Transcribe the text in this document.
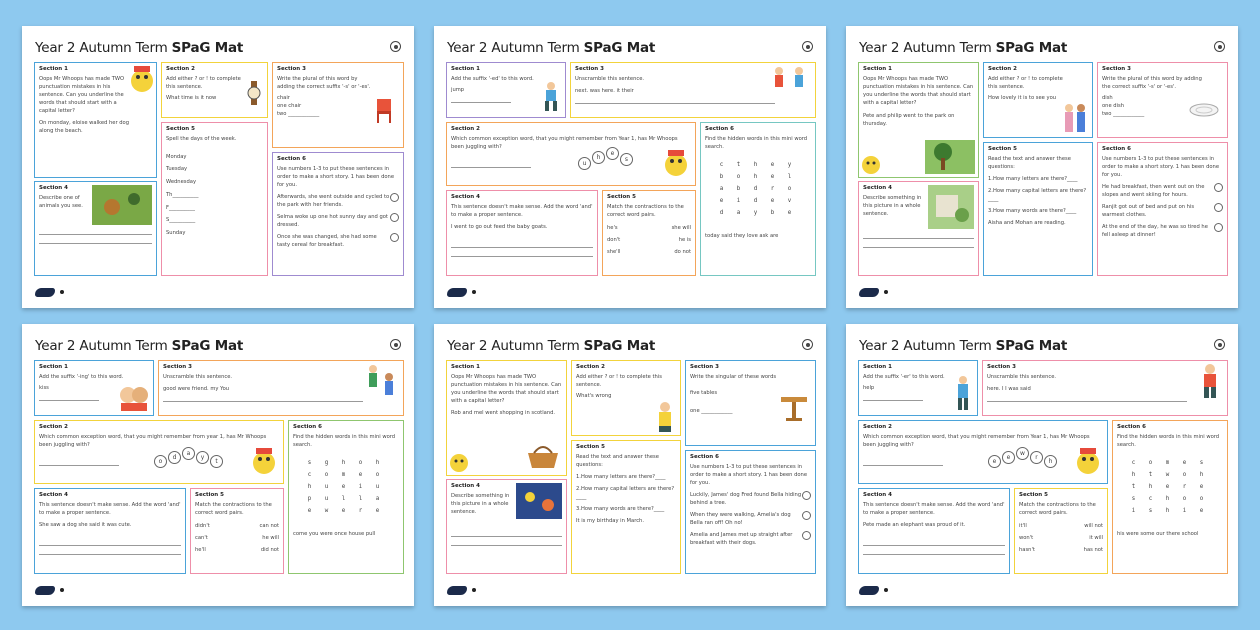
Year 2 Autumn Term SPaG Mat
Section 1
Oops Mr Whoops has made TWO punctuation mistakes in his sentence. Can you underline the words that should start with a capital letter?
On monday, eloise walked her dog along the beach.
Section 2
Add either ? or ! to complete this sentence.
What time is it now
Section 3
Write the plural of this word by adding the correct suffix '-s' or '-es'.
chair
one chair
two ____________
Section 4
Describe one of animals you see.
Section 5
Spell the days of the week.
Monday
Tuesday
Wednesday
Th__________
F__________
S__________
Sunday
Section 6
Use numbers 1-3 to put these sentences in order to make a short story. 1 has been done for you.
Afterwards, she went outside and cycled to the park with her friends.
Selma woke up one hot sunny day and got dressed.
Once she was changed, she had some tasty cereal for breakfast.
Year 2 Autumn Term SPaG Mat
Section 1
Add the suffix '-ed' to this word.
jump
Section 3
Unscramble this sentence.
next. was here. it their
Section 2
Which common exception word, that you might remember from Year 1, has Mr Whoops been juggling with?
uhes
Section 6
Find the hidden words in this mini word search.
c t h e y
b o h e l
a b d r o
e i d e v
d a y b e
today said they love ask are
Section 4
This sentence doesn't make sense. Add the word 'and' to make a proper sentence.
I went to go out feed the baby goats.
Section 5
Match the contractions to the correct word pairs.
he's	she will
don't	he is
she'll	do not
Year 2 Autumn Term SPaG Mat
Section 1
Oops Mr Whoops has made TWO punctuation mistakes in his sentence. Can you underline the words that should start with a capital letter?
Pete and philip went to the park on thursday.
Section 2
Add either ? or ! to complete this sentence.
How lovely it is to see you
Section 3
Write the plural of this word by adding the correct suffix '-s' or '-es'.
dish
one dish
two ____________
Section 4
Describe something in this picture in a whole sentence.
Section 5
Read the text and answer these questions:
1.How many letters are there?____
2.How many capital letters are there?____
3.How many words are there?____
Aisha and Mohan are reading.
Section 6
Use numbers 1-3 to put these sentences in order to make a short story. 1 has been done for you.
He had breakfast, then went out on the slopes and went skiing for hours.
Ranjit got out of bed and put on his warmest clothes.
At the end of the day, he was so tired he fell asleep at dinner!
Year 2 Autumn Term SPaG Mat
Section 1
Add the suffix '-ing' to this word.
kiss
Section 3
Unscramble this sentence.
good were friend. my You
Section 2
Which common exception word, that you might remember from year 1, has Mr Whoops been juggling with?
odayt
Section 6
Find the hidden words in this mini word search.
s g h o h
c o m e o
h u e i u
p u l l a
e w e r e
come you were once house pull
Section 4
This sentence doesn't make sense. Add the word 'and' to make a proper sentence.
She saw a dog she said it was cute.
Section 5
Match the contractions to the correct word pairs.
didn't	can not
can't	he will
he'll	did not
Year 2 Autumn Term SPaG Mat
Section 1
Oops Mr Whoops has made TWO punctuation mistakes in his sentence. Can you underline the words that should start with a capital letter?
Rob and mel went shopping in scotland.
Section 2
Add either ? or ! to complete this sentence.
What's wrong
Section 3
Write the singular of these words
five tables
one ____________
Section 4
Describe something in this picture in a whole sentence.
Section 5
Read the text and answer these questions:
1.How many letters are there?____
2.How many capital letters are there?____
3.How many words are there?____
It is my birthday in March.
Section 6
Use numbers 1-3 to put these sentences in order to make a short story. 1 has been done for you.
Luckily, James' dog Fred found Bella hiding behind a tree.
When they were walking, Amelia's dog Bella ran off! Oh no!
Amelia and James met up straight after breakfast with their dogs.
Year 2 Autumn Term SPaG Mat
Section 1
Add the suffix '-er' to this word.
help
Section 3
Unscramble this sentence.
here. I I was said
Section 2
Which common exception word, that you might remember from Year 1, has Mr Whoops been juggling with?
eewrh
Section 6
Find the hidden words in this mini word search.
c o m e s
h t w o h
t h e r e
s c h o o
i s h i e
his were some our there school
Section 4
This sentence doesn't make sense. Add the word 'and' to make a proper sentence.
Pete made an elephant was proud of it.
Section 5
Match the contractions to the correct word pairs.
it'll	will not
won't	it will
hasn't	has not
